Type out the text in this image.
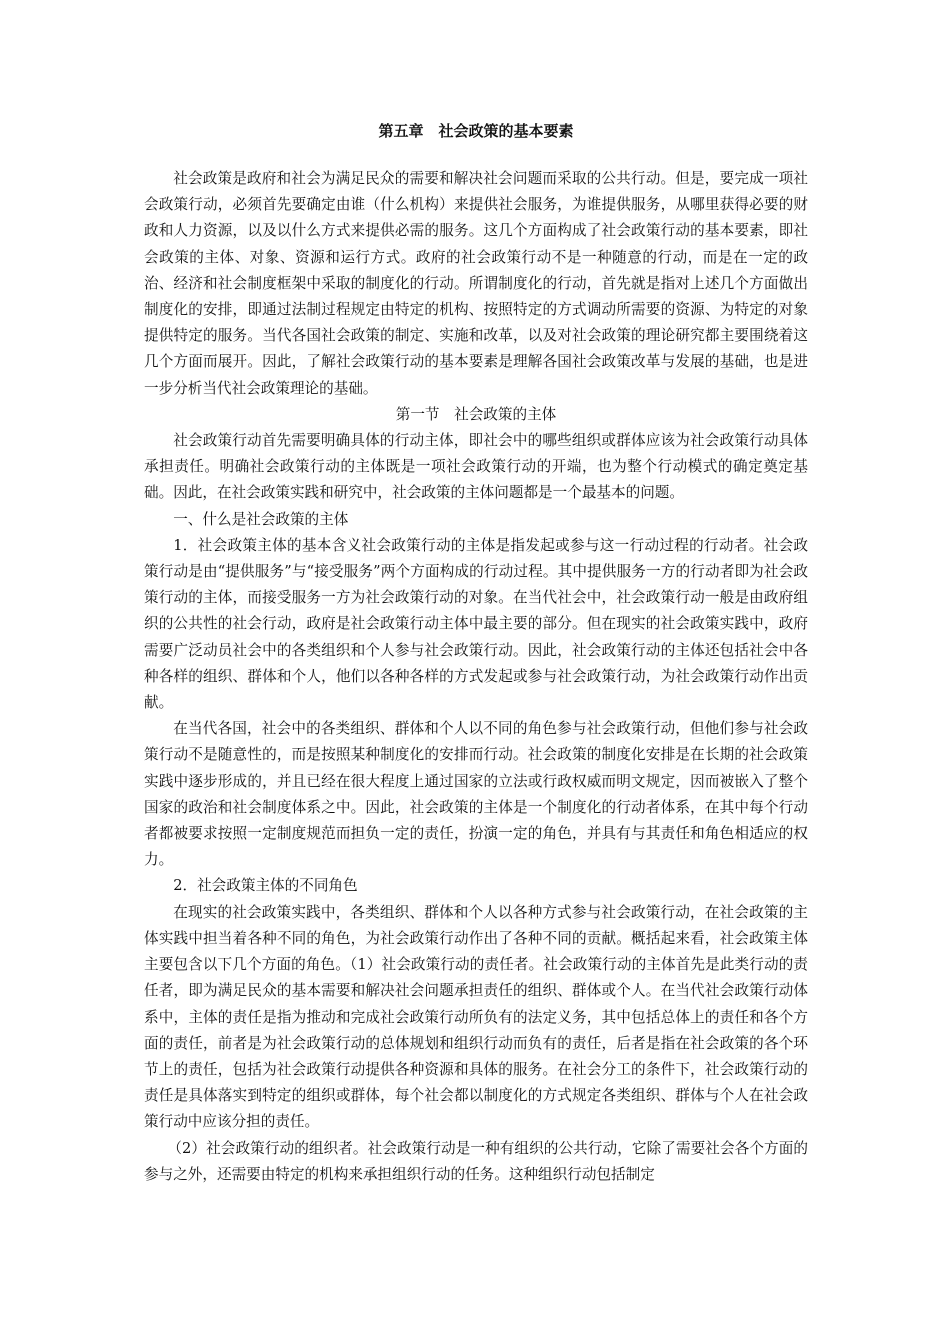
第五章　社会政策的基本要素

社会政策是政府和社会为满足民众的需要和解决社会问题而采取的公共行动。但是，要完成一项社会政策行动，必须首先要确定由谁（什么机构）来提供社会服务，为谁提供服务，从哪里获得必要的财政和人力资源，以及以什么方式来提供必需的服务。这几个方面构成了社会政策行动的基本要素，即社会政策的主体、对象、资源和运行方式。政府的社会政策行动不是一种随意的行动，而是在一定的政治、经济和社会制度框架中采取的制度化的行动。所谓制度化的行动，首先就是指对上述几个方面做出制度化的安排，即通过法制过程规定由特定的机构、按照特定的方式调动所需要的资源、为特定的对象提供特定的服务。当代各国社会政策的制定、实施和改革，以及对社会政策的理论研究都主要围绕着这几个方面而展开。因此，了解社会政策行动的基本要素是理解各国社会政策改革与发展的基础，也是进一步分析当代社会政策理论的基础。

第一节　社会政策的主体

社会政策行动首先需要明确具体的行动主体，即社会中的哪些组织或群体应该为社会政策行动具体承担责任。明确社会政策行动的主体既是一项社会政策行动的开端，也为整个行动模式的确定奠定基础。因此，在社会政策实践和研究中，社会政策的主体问题都是一个最基本的问题。

一、什么是社会政策的主体

1．社会政策主体的基本含义社会政策行动的主体是指发起或参与这一行动过程的行动者。社会政策行动是由“提供服务”与“接受服务”两个方面构成的行动过程。其中提供服务一方的行动者即为社会政策行动的主体，而接受服务一方为社会政策行动的对象。在当代社会中，社会政策行动一般是由政府组织的公共性的社会行动，政府是社会政策行动主体中最主要的部分。但在现实的社会政策实践中，政府需要广泛动员社会中的各类组织和个人参与社会政策行动。因此，社会政策行动的主体还包括社会中各种各样的组织、群体和个人，他们以各种各样的方式发起或参与社会政策行动，为社会政策行动作出贡献。

在当代各国，社会中的各类组织、群体和个人以不同的角色参与社会政策行动，但他们参与社会政策行动不是随意性的，而是按照某种制度化的安排而行动。社会政策的制度化安排是在长期的社会政策实践中逐步形成的，并且已经在很大程度上通过国家的立法或行政权威而明文规定，因而被嵌入了整个国家的政治和社会制度体系之中。因此，社会政策的主体是一个制度化的行动者体系，在其中每个行动者都被要求按照一定制度规范而担负一定的责任，扮演一定的角色，并具有与其责任和角色相适应的权力。

2．社会政策主体的不同角色

在现实的社会政策实践中，各类组织、群体和个人以各种方式参与社会政策行动，在社会政策的主体实践中担当着各种不同的角色，为社会政策行动作出了各种不同的贡献。概括起来看，社会政策主体主要包含以下几个方面的角色。（1）社会政策行动的责任者。社会政策行动的主体首先是此类行动的责任者，即为满足民众的基本需要和解决社会问题承担责任的组织、群体或个人。在当代社会政策行动体系中，主体的责任是指为推动和完成社会政策行动所负有的法定义务，其中包括总体上的责任和各个方面的责任，前者是为社会政策行动的总体规划和组织行动而负有的责任，后者是指在社会政策的各个环节上的责任，包括为社会政策行动提供各种资源和具体的服务。在社会分工的条件下，社会政策行动的责任是具体落实到特定的组织或群体，每个社会都以制度化的方式规定各类组织、群体与个人在社会政策行动中应该分担的责任。

（2）社会政策行动的组织者。社会政策行动是一种有组织的公共行动，它除了需要社会各个方面的参与之外，还需要由特定的机构来承担组织行动的任务。这种组织行动包括制定
